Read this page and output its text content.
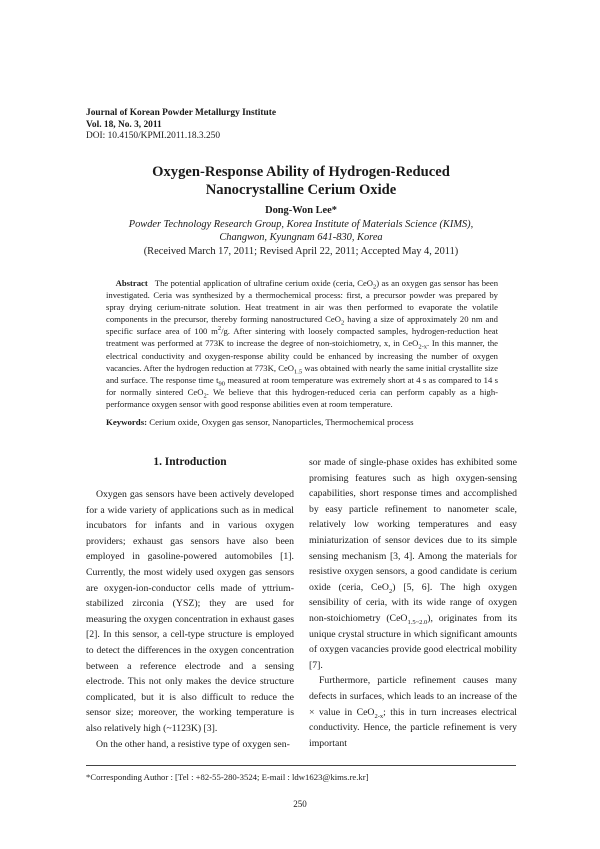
Journal of Korean Powder Metallurgy Institute
Vol. 18, No. 3, 2011
DOI: 10.4150/KPMI.2011.18.3.250
Oxygen-Response Ability of Hydrogen-Reduced
Nanocrystalline Cerium Oxide
Dong-Won Lee*
Powder Technology Research Group, Korea Institute of Materials Science (KIMS),
Changwon, Kyungnam 641-830, Korea
(Received March 17, 2011; Revised April 22, 2011; Accepted May 4, 2011)
Abstract The potential application of ultrafine cerium oxide (ceria, CeO$_2$) as an oxygen gas sensor has been investigated. Ceria was synthesized by a thermochemical process: first, a precursor powder was prepared by spray drying cerium-nitrate solution. Heat treatment in air was then performed to evaporate the volatile components in the precursor, thereby forming nanostructured CeO$_2$ having a size of approximately 20 nm and specific surface area of 100 $m^2/g$. After sintering with loosely compacted samples, hydrogen-reduction heat treatment was performed at 773K to increase the degree of non-stoichiometry, x, in CeO$_{2-x}$. In this manner, the electrical conductivity and oxygen-response ability could be enhanced by increasing the number of oxygen vacancies. After the hydrogen reduction at 773K, CeO$_{1.5}$ was obtained with nearly the same initial crystallite size and surface. The response time $t_{90}$ measured at room temperature was extremely short at 4 s as compared to 14 s for normally sintered CeO$_2$. We believe that this hydrogen-reduced ceria can perform capably as a high-performance oxygen sensor with good response abilities even at room temperature.
Keywords: Cerium oxide, Oxygen gas sensor, Nanoparticles, Thermochemical process
1. Introduction

Oxygen gas sensors have been actively developed for a wide variety of applications such as in medical incubators for infants and in various oxygen providers; exhaust gas sensors have also been employed in gasoline-powered automobiles [1]. Currently, the most widely used oxygen gas sensors are oxygen-ion-conductor cells made of yttrium-stabilized zirconia (YSZ); they are used for measuring the oxygen concentration in exhaust gases [2]. In this sensor, a cell-type structure is employed to detect the differences in the oxygen concentration between a reference electrode and a sensing electrode. This not only makes the device structure complicated, but it is also difficult to reduce the sensor size; moreover, the working temperature is also relatively high (~1123K) [3].

On the other hand, a resistive type of oxygen sen-

sor made of single-phase oxides has exhibited some promising features such as high oxygen-sensing capabilities, short response times and accomplished by easy particle refinement to nanometer scale, relatively low working temperatures and easy miniaturization of sensor devices due to its simple sensing mechanism [3, 4]. Among the materials for resistive oxygen sensors, a good candidate is cerium oxide (ceria, CeO$_2$) [5, 6]. The high oxygen sensibility of ceria, with its wide range of oxygen non-stoichiometry (CeO$_{1.5\sim 2.0}$), originates from its unique crystal structure in which significant amounts of oxygen vacancies provide good electrical mobility [7].

Furthermore, particle refinement causes many defects in surfaces, which leads to an increase of the × value in CeO$_{2-x}$; this in turn increases electrical conductivity. Hence, the particle refinement is very important

*Corresponding Author : [Tel : +82-55-280-3524; E-mail : ldw1623@kims.re.kr]
250
